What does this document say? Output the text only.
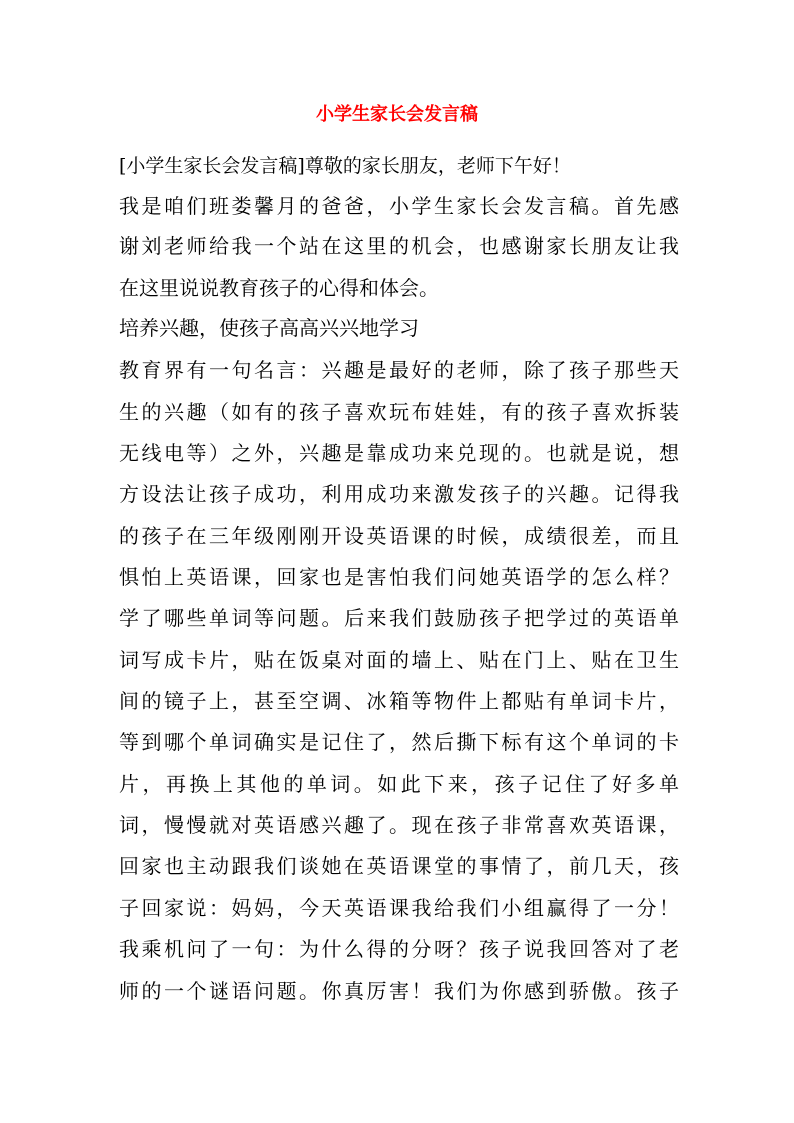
小学生家长会发言稿
[小学生家长会发言稿]尊敬的家长朋友，老师下午好！
我是咱们班娄馨月的爸爸，小学生家长会发言稿。首先感
谢刘老师给我一个站在这里的机会，也感谢家长朋友让我
在这里说说教育孩子的心得和体会。
培养兴趣，使孩子高高兴兴地学习
教育界有一句名言：兴趣是最好的老师，除了孩子那些天
生的兴趣（如有的孩子喜欢玩布娃娃，有的孩子喜欢拆装
无线电等）之外，兴趣是靠成功来兑现的。也就是说，想
方设法让孩子成功，利用成功来激发孩子的兴趣。记得我
的孩子在三年级刚刚开设英语课的时候，成绩很差，而且
惧怕上英语课，回家也是害怕我们问她英语学的怎么样？
学了哪些单词等问题。后来我们鼓励孩子把学过的英语单
词写成卡片，贴在饭桌对面的墙上、贴在门上、贴在卫生
间的镜子上，甚至空调、冰箱等物件上都贴有单词卡片，
等到哪个单词确实是记住了，然后撕下标有这个单词的卡
片，再换上其他的单词。如此下来，孩子记住了好多单
词，慢慢就对英语感兴趣了。现在孩子非常喜欢英语课，
回家也主动跟我们谈她在英语课堂的事情了，前几天，孩
子回家说：妈妈，今天英语课我给我们小组赢得了一分！
我乘机问了一句：为什么得的分呀？孩子说我回答对了老
师的一个谜语问题。你真厉害！我们为你感到骄傲。孩子
